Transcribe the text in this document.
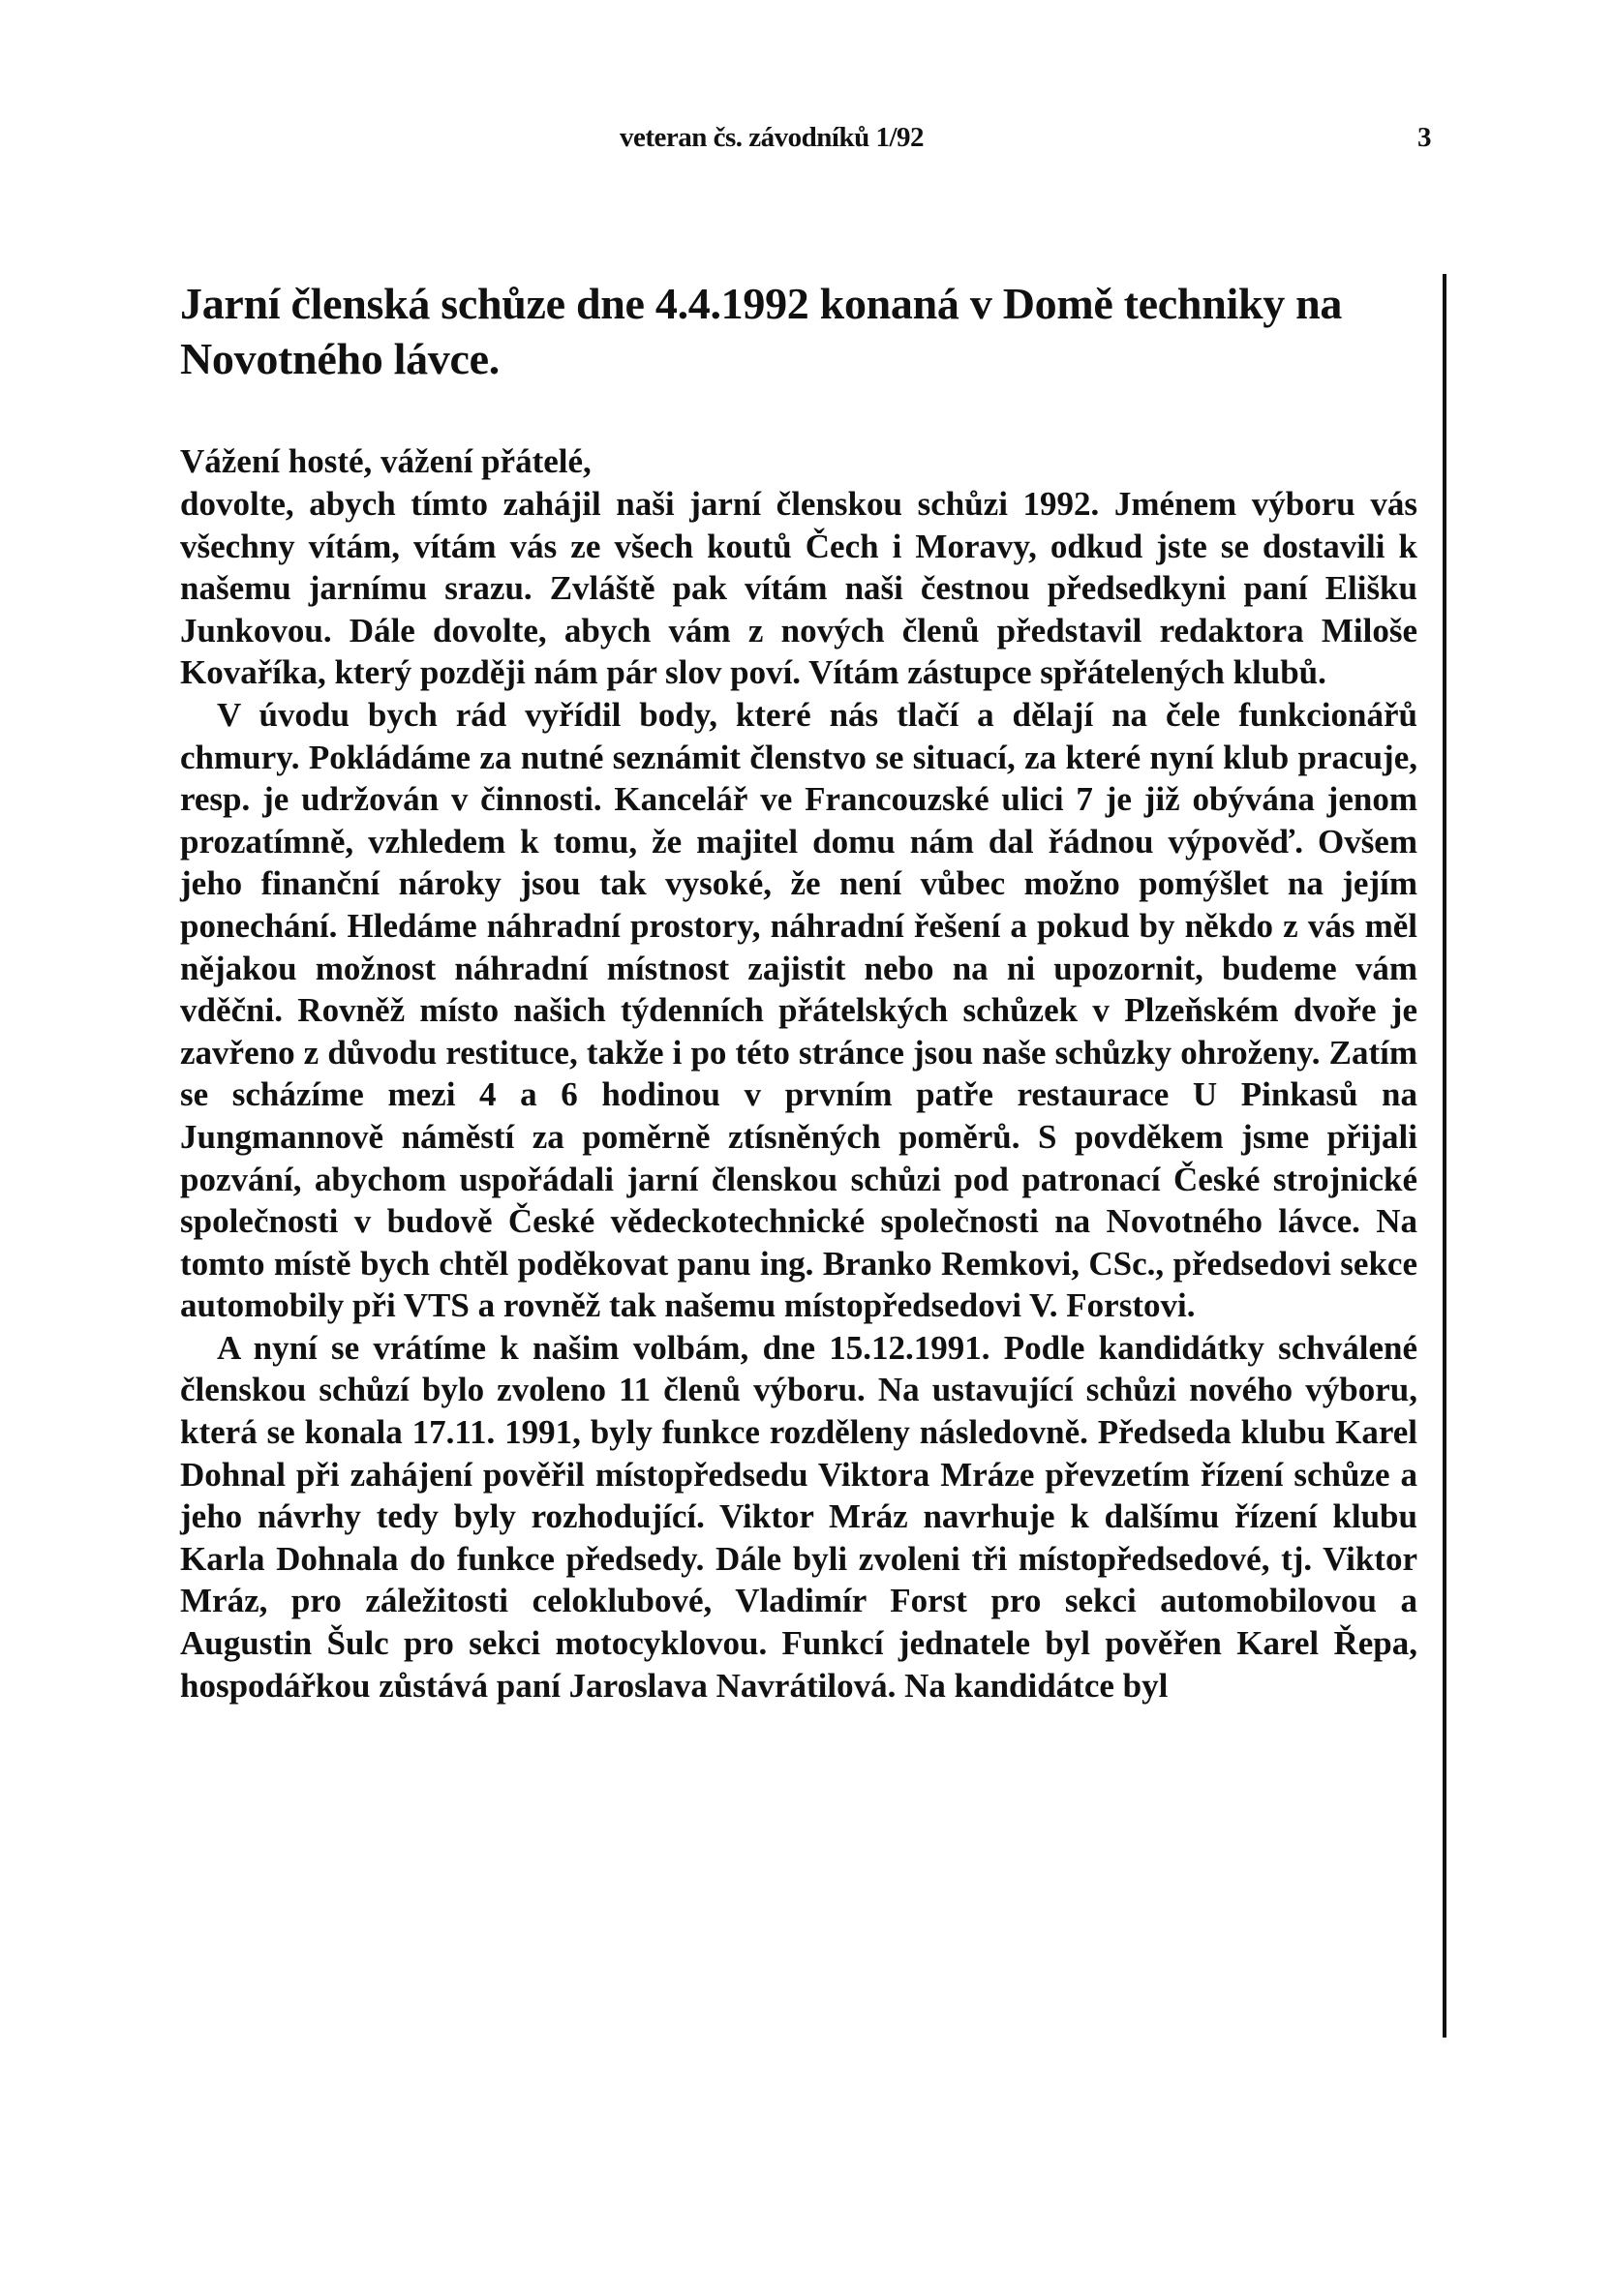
veteran čs. závodníků 1/92	3
Jarní členská schůze dne 4.4.1992 konaná v Domě techniky na Novotného lávce.

Vážení hosté, vážení přátelé,

dovolte, abych tímto zahájil naši jarní členskou schůzi 1992. Jménem výboru vás všechny vítám, vítám vás ze všech koutů Čech i Moravy, odkud jste se dostavili k našemu jarnímu srazu. Zvláště pak vítám naši čestnou předsedkyni paní Elišku Junkovou. Dále dovolte, abych vám z nových členů představil redaktora Miloše Kovaříka, který později nám pár slov poví. Vítám zástupce spřátelených klubů.

V úvodu bych rád vyřídil body, které nás tlačí a dělají na čele funkcionářů chmury. Pokládáme za nutné seznámit členstvo se situací, za které nyní klub pracuje, resp. je udržován v činnosti. Kancelář ve Francouzské ulici 7 je již obývána jenom prozatímně, vzhledem k tomu, že majitel domu nám dal řádnou výpověď. Ovšem jeho finanční nároky jsou tak vysoké, že není vůbec možno pomýšlet na jejím ponechání. Hledáme náhradní prostory, náhradní řešení a pokud by někdo z vás měl nějakou možnost náhradní místnost zajistit nebo na ni upozornit, budeme vám vděčni. Rovněž místo našich týdenních přátelských schůzek v Plzeňském dvoře je zavřeno z důvodu restituce, takže i po této stránce jsou naše schůzky ohroženy. Zatím se scházíme mezi 4 a 6 hodinou v prvním patře restaurace U Pinkasů na Jungmannově náměstí za poměrně ztísněných poměrů. S povděkem jsme přijali pozvání, abychom uspořádali jarní členskou schůzi pod patronací České strojnické společnosti v budově České vědeckotechnické společnosti na Novotného lávce. Na tomto místě bych chtěl poděkovat panu ing. Branko Remkovi, CSc., předsedovi sekce automobily při VTS a rovněž tak našemu místopředsedovi V. Forstovi.

A nyní se vrátíme k našim volbám, dne 15.12.1991. Podle kandidátky schválené členskou schůzí bylo zvoleno 11 členů výboru. Na ustavující schůzi nového výboru, která se konala 17.11. 1991, byly funkce rozděleny následovně. Předseda klubu Karel Dohnal při zahájení pověřil místopředsedu Viktora Mráze převzetím řízení schůze a jeho návrhy tedy byly rozhodující. Viktor Mráz navrhuje k dalšímu řízení klubu Karla Dohnala do funkce předsedy. Dále byli zvoleni tři místopředsedové, tj. Viktor Mráz, pro záležitosti celoklubové, Vladimír Forst pro sekci automobilovou a Augustin Šulc pro sekci motocyklovou. Funkcí jednatele byl pověřen Karel Řepa, hospodářkou zůstává paní Jaroslava Navrátilová. Na kandidátce byl
